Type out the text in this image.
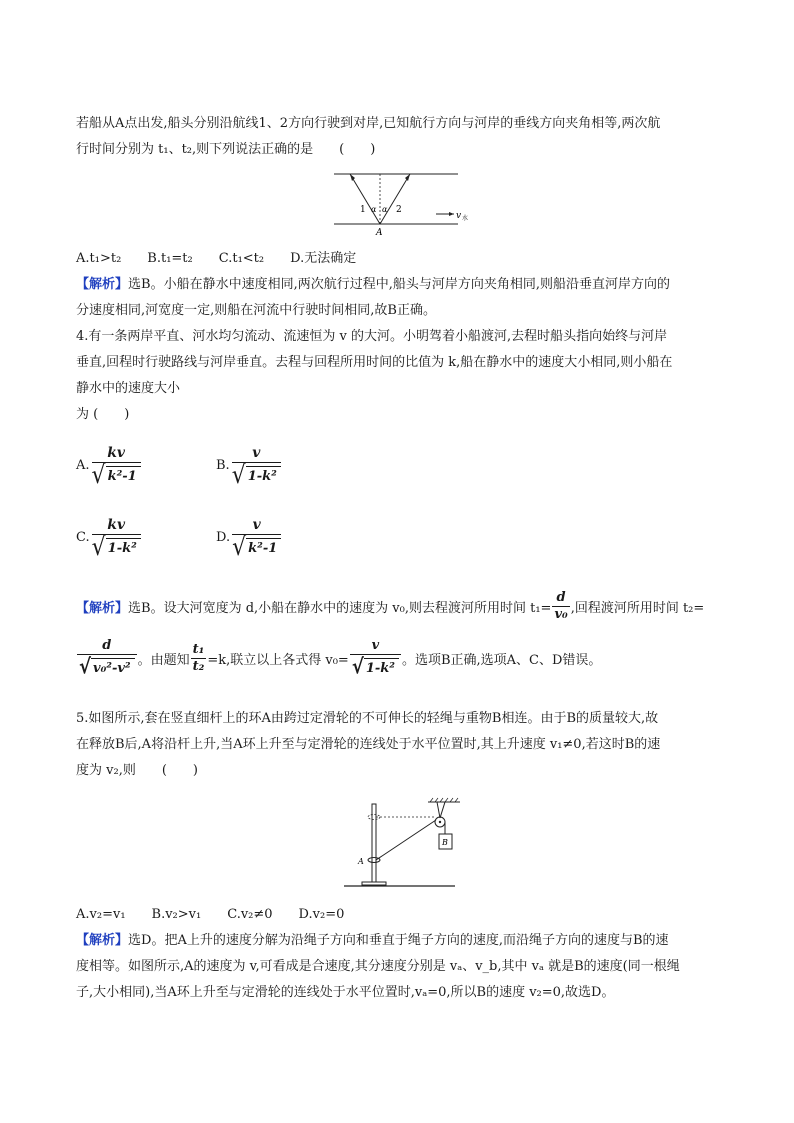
若船从A点出发,船头分别沿航线1、2方向行驶到对岸,已知航行方向与河岸的垂线方向夹角相等,两次航
行时间分别为 t₁、t₂,则下列说法正确的是　　(　　)
1	2
α α
A
v 水
A.t₁>t₂　　B.t₁=t₂　　C.t₁<t₂　　D.无法确定
【解析】选B。小船在静水中速度相同,两次航行过程中,船头与河岸方向夹角相同,则船沿垂直河岸方向的
分速度相同,河宽度一定,则船在河流中行驶时间相同,故B正确。
4.有一条两岸平直、河水均匀流动、流速恒为 v 的大河。小明驾着小船渡河,去程时船头指向始终与河岸
垂直,回程时行驶路线与河岸垂直。去程与回程所用时间的比值为 k,船在静水中的速度大小相同,则小船在
静水中的速度大小
为 (　　)
A. $\frac{kv}{\text{√ k²-1}}$	B. $\frac{v}{\text{√ 1-k²}}$
C. $\frac{kv}{\text{√ 1-k²}}$	D. $\frac{v}{\text{√ k²-1}}$
【解析】 选B。设大河宽度为 d,小船在静水中的速度为 v₀,则去程渡河所用时间 $t_1= \frac{d}{\text{v₀}}$ ,回程渡河所用时间 t₂=
$\frac{d}{\text{√ v₀²-v²}}$ 。由题知 $\frac{\text{t₁}}{\text{t₂}} =k$,联立以上各式得 $v_0= \frac{v}{\text{√ 1-k²}}$ 。选项B正确,选项A、C、D错误。
5.如图所示,套在竖直细杆上的环A由跨过定滑轮的不可伸长的轻绳与重物B相连。由于B的质量较大,故
在释放B后,A将沿杆上升,当A环上升至与定滑轮的连线处于水平位置时,其上升速度 v₁≠0,若这时B的速
度为 v₂,则　　(　　)
B
A
A.v₂=v₁　　B.v₂>v₁　　C.v₂≠0　　D.v₂=0
【解析】选D。把A上升的速度分解为沿绳子方向和垂直于绳子方向的速度,而沿绳子方向的速度与B的速
度相等。如图所示,A的速度为 v,可看成是合速度,其分速度分别是 vₐ、v_b,其中 vₐ 就是B的速度(同一根绳
子,大小相同),当A环上升至与定滑轮的连线处于水平位置时,vₐ=0,所以B的速度 v₂=0,故选D。
